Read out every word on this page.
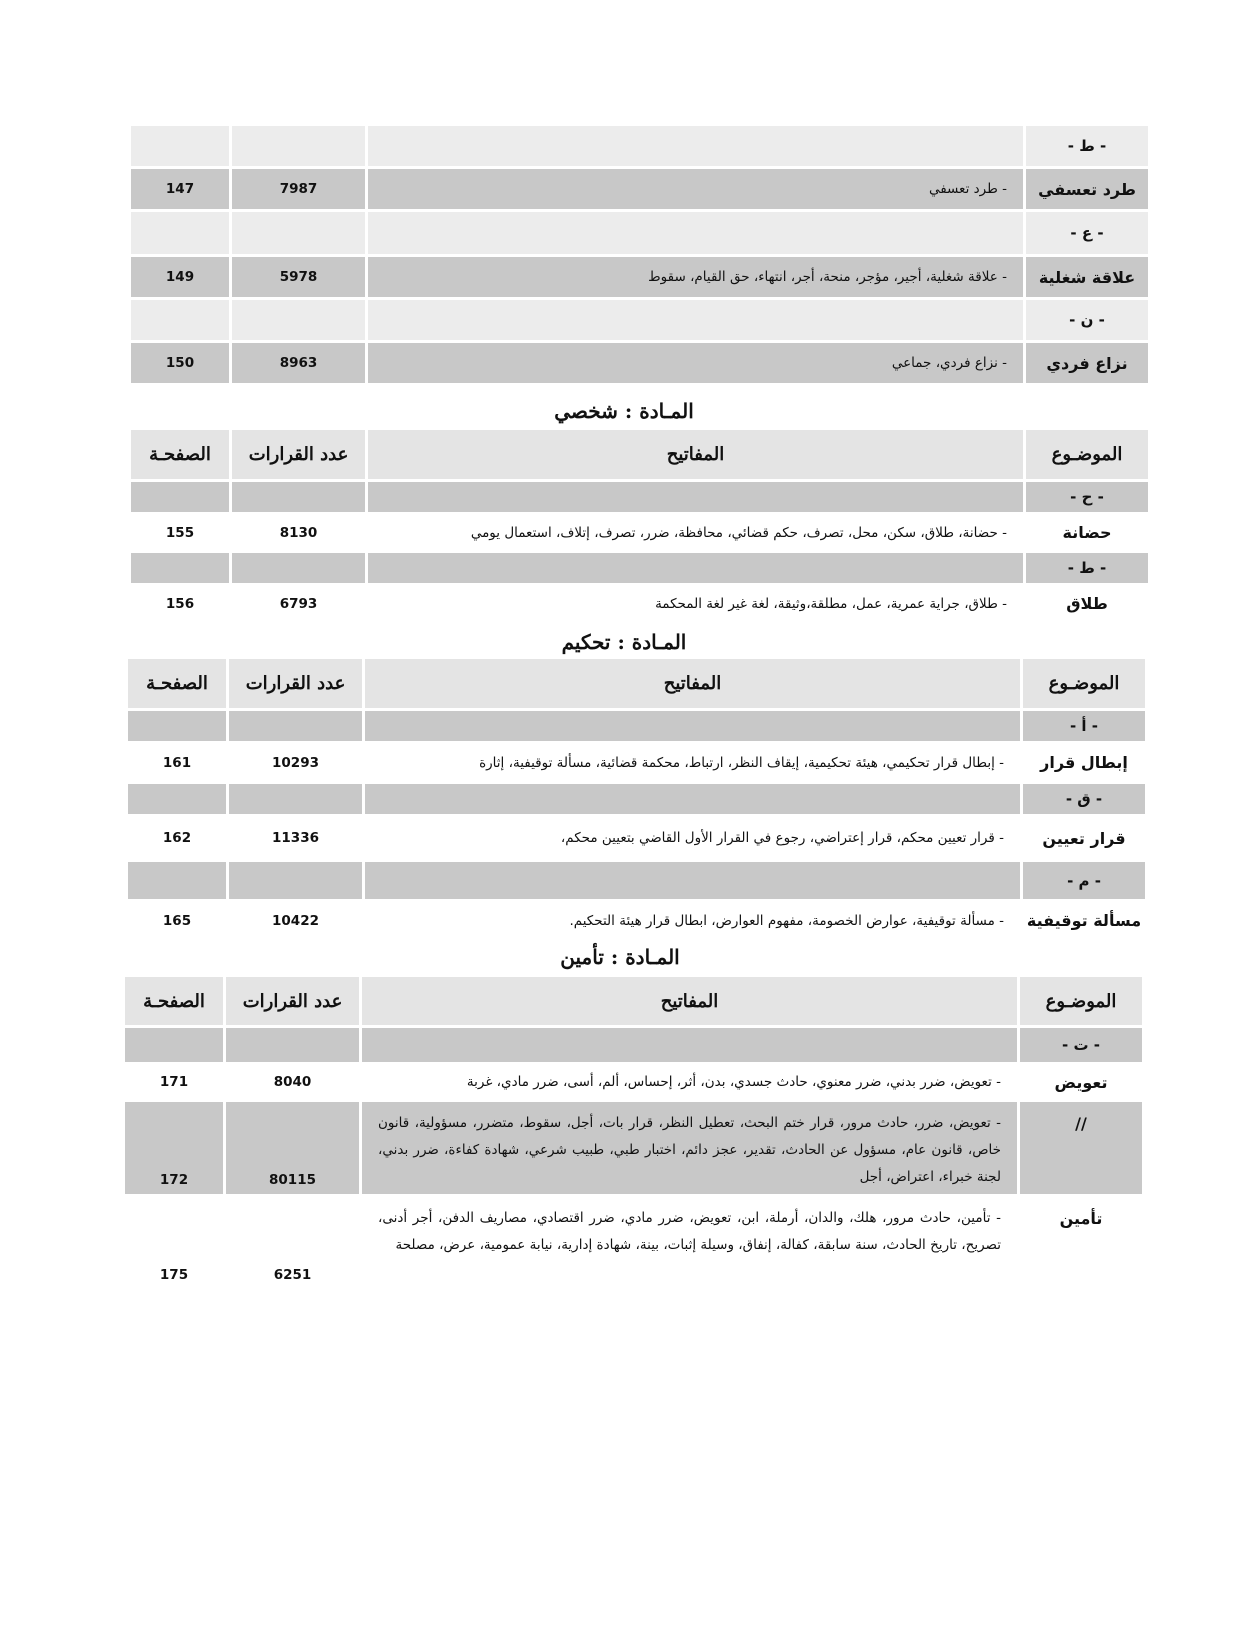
- ط -
طرد تعسفي
- طرد تعسفي
7987
147
- ع -
علاقة شغلية
- علاقة شغلية، أجير، مؤجر، منحة، أجر، انتهاء، حق القيام، سقوط
5978
149
- ن -
نزاع فردي
- نزاع فردي، جماعي
8963
150
المـادة : شخصي
الموضـوع
المفاتيح
عدد القرارات
الصفحـة
- ح -
حضانة
- حضانة، طلاق، سكن، محل، تصرف، حكم قضائي، محافظة، ضرر، تصرف، إتلاف، استعمال يومي
8130
155
- ط -
طلاق
- طلاق، جراية عمرية، عمل، مطلقة،وثيقة، لغة غير لغة المحكمة
6793
156
المـادة : تحكيم
الموضـوع
المفاتيح
عدد القرارات
الصفحـة
- أ -
إبطال قرار
- إبطال قرار تحكيمي، هيئة تحكيمية، إيقاف النظر، ارتباط، محكمة قضائية، مسألة توقيفية، إثارة
10293
161
- ق -
قرار تعيين
- قرار تعيين محكم، قرار إعتراضي، رجوع في القرار الأول القاضي بتعيين محكم،
11336
162
- م -
مسألة توقيفية
- مسألة توقيفية، عوارض الخصومة، مفهوم العوارض، ابطال قرار هيئة التحكيم.
10422
165
المـادة : تأمين
الموضـوع
المفاتيح
عدد القرارات
الصفحـة
- ت -
تعويض
- تعويض، ضرر بدني، ضرر معنوي، حادث جسدي، بدن، أثر، إحساس، ألم، أسى، ضرر مادي، غربة
8040
171
//
- تعويض، ضرر، حادث مرور، قرار ختم البحث، تعطيل النظر، قرار بات، أجل، سقوط، متضرر، مسؤولية، قانون خاص، قانون عام، مسؤول عن الحادث، تقدير، عجز دائم، اختبار طبي، طبيب شرعي، شهادة كفاءة، ضرر بدني، لجنة خبراء، اعتراض، أجل
80115
172
تأمين
- تأمين، حادث مرور، هلك، والدان، أرملة، ابن، تعويض، ضرر مادي، ضرر اقتصادي، مصاريف الدفن، أجر أدنى، تصريح، تاريخ الحادث، سنة سابقة، كفالة، إنفاق، وسيلة إثبات، بينة، شهادة إدارية، نيابة عمومية، عرض، مصلحة
6251
175
